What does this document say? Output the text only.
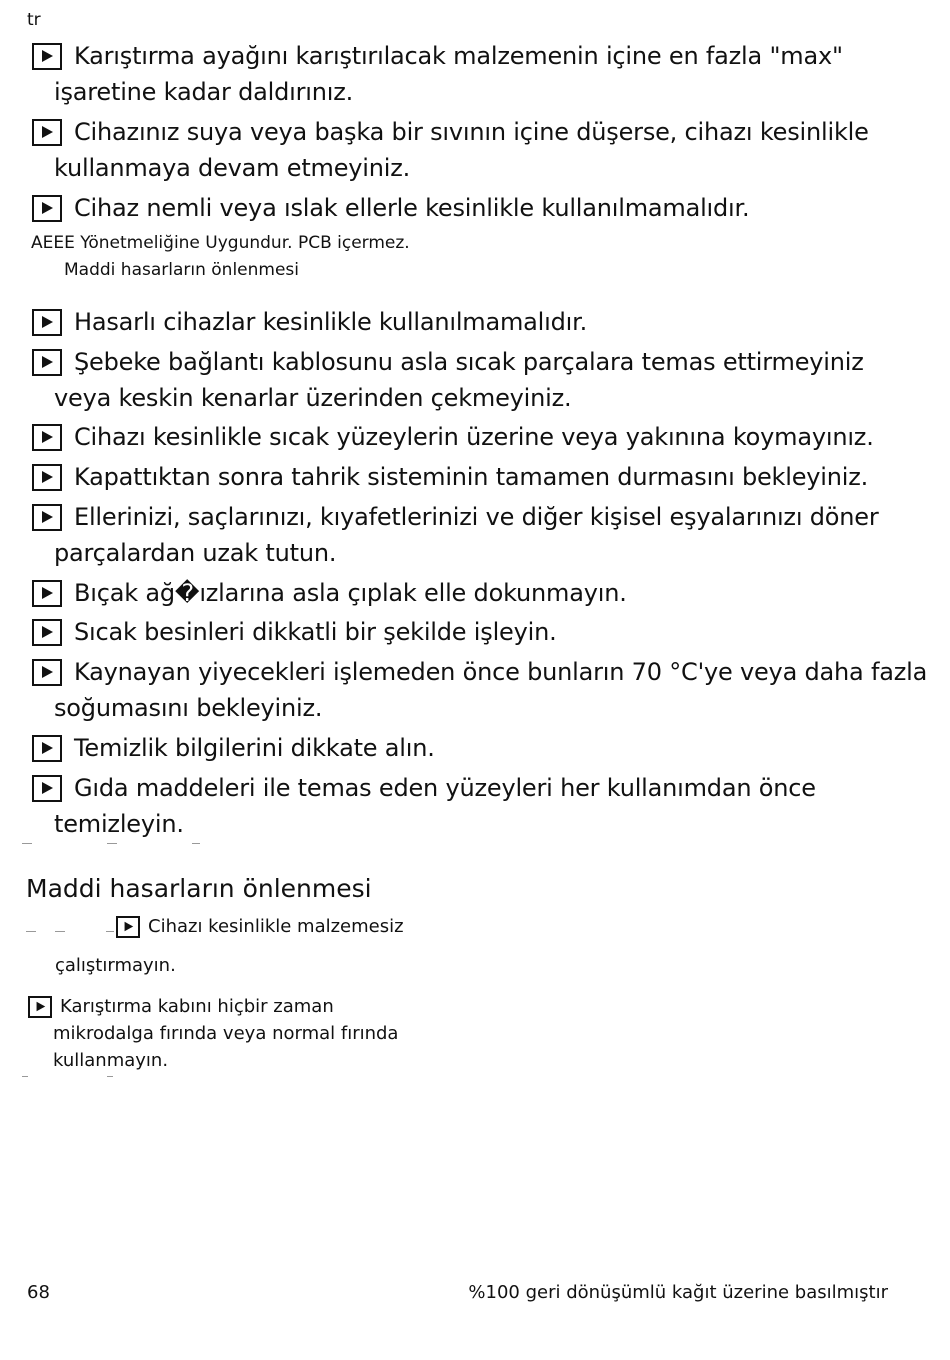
tr
Karıştırma ayağını karıştırılacak malzemenin içine en fazla "max"
işaretine kadar daldırınız.
Cihazınız suya veya başka bir sıvının içine düşerse, cihazı kesinlikle
kullanmaya devam etmeyiniz.
Cihaz nemli veya ıslak ellerle kesinlikle kullanılmamalıdır.
AEEE Yönetmeliğine Uygundur. PCB içermez.
Maddi hasarların önlenmesi
Hasarlı cihazlar kesinlikle kullanılmamalıdır.
Şebeke bağlantı kablosunu asla sıcak parçalara temas ettirmeyiniz
veya keskin kenarlar üzerinden çekmeyiniz.
Cihazı kesinlikle sıcak yüzeylerin üzerine veya yakınına koymayınız.
Kapattıktan sonra tahrik sisteminin tamamen durmasını bekleyiniz.
Ellerinizi, saçlarınızı, kıyafetlerinizi ve diğer kişisel eşyalarınızı döner
parçalardan uzak tutun.
Bıçak ağ�ızlarına asla çıplak elle dokunmayın.
Sıcak besinleri dikkatli bir şekilde işleyin.
Kaynayan yiyecekleri işlemeden önce bunların 70 °C'ye veya daha fazla
soğumasını bekleyiniz.
Temizlik bilgilerini dikkate alın.
Gıda maddeleri ile temas eden yüzeyleri her kullanımdan önce
temizleyin.
Maddi hasarların önlenmesi
Cihazı kesinlikle malzemesiz
çalıştırmayın.
Karıştırma kabını hiçbir zaman
mikrodalga fırında veya normal fırında
kullanmayın.
68	%100 geri dönüşümlü kağıt üzerine basılmıştır
